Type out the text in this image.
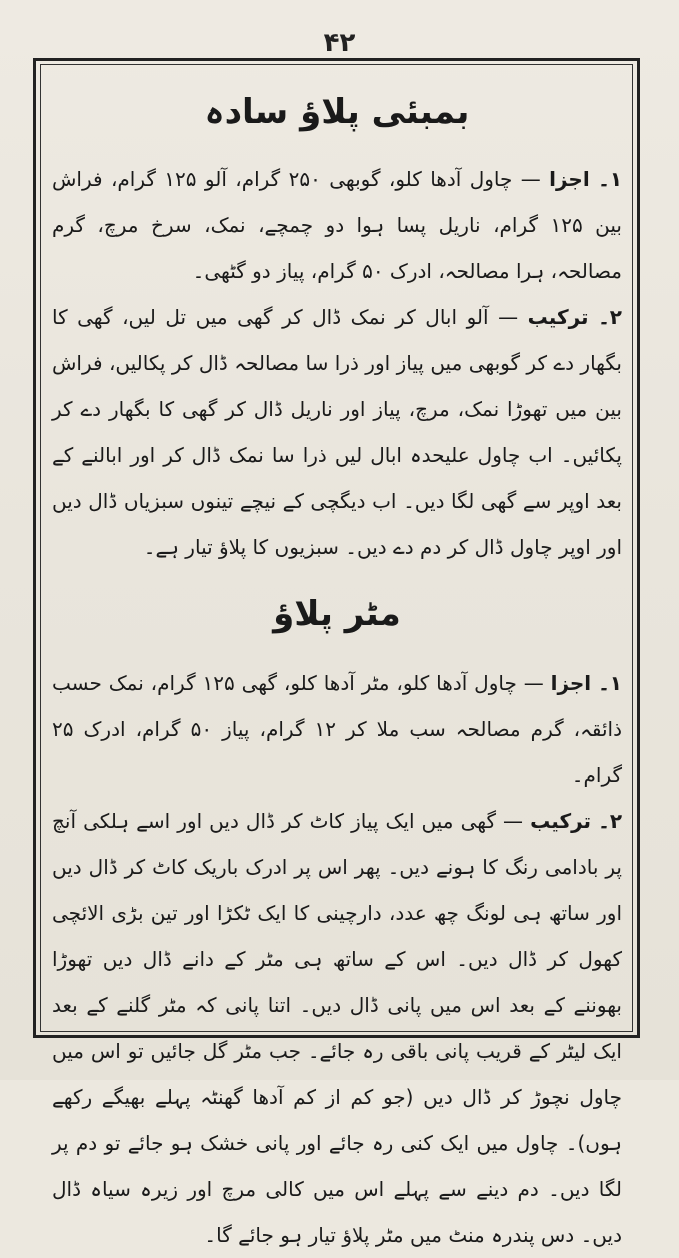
۴۲
بمبئی پلاؤ سادہ

۱۔ اجزا — چاول آدھا کلو، گوبھی ۲۵۰ گرام، آلو ۱۲۵ گرام، فراش بین ۱۲۵ گرام، ناریل پسا ہوا دو چمچے، نمک، سرخ مرچ، گرم مصالحہ، ہرا مصالحہ، ادرک ۵۰ گرام، پیاز دو گٹھی۔

۲۔ ترکیب — آلو ابال کر نمک ڈال کر گھی میں تل لیں، گھی کا بگھار دے کر گوبھی میں پیاز اور ذرا سا مصالحہ ڈال کر پکالیں، فراش بین میں تھوڑا نمک، مرچ، پیاز اور ناریل ڈال کر گھی کا بگھار دے کر پکائیں۔ اب چاول علیحدہ ابال لیں ذرا سا نمک ڈال کر اور ابالنے کے بعد اوپر سے گھی لگا دیں۔ اب دیگچی کے نیچے تینوں سبزیاں ڈال دیں اور اوپر چاول ڈال کر دم دے دیں۔ سبزیوں کا پلاؤ تیار ہے۔

مٹر پلاؤ

۱۔ اجزا — چاول آدھا کلو، مٹر آدھا کلو، گھی ۱۲۵ گرام، نمک حسب ذائقہ، گرم مصالحہ سب ملا کر ۱۲ گرام، پیاز ۵۰ گرام، ادرک ۲۵ گرام۔

۲۔ ترکیب — گھی میں ایک پیاز کاٹ کر ڈال دیں اور اسے ہلکی آنچ پر بادامی رنگ کا ہونے دیں۔ پھر اس پر ادرک باریک کاٹ کر ڈال دیں اور ساتھ ہی لونگ چھ عدد، دارچینی کا ایک ٹکڑا اور تین بڑی الائچی کھول کر ڈال دیں۔ اس کے ساتھ ہی مٹر کے دانے ڈال دیں تھوڑا بھوننے کے بعد اس میں پانی ڈال دیں۔ اتنا پانی کہ مٹر گلنے کے بعد ایک لیٹر کے قریب پانی باقی رہ جائے۔ جب مٹر گل جائیں تو اس میں چاول نچوڑ کر ڈال دیں (جو کم از کم آدھا گھنٹہ پہلے بھیگے رکھے ہوں)۔ چاول میں ایک کنی رہ جائے اور پانی خشک ہو جائے تو دم پر لگا دیں۔ دم دینے سے پہلے اس میں کالی مرچ اور زیرہ سیاہ ڈال دیں۔ دس پندرہ منٹ میں مٹر پلاؤ تیار ہو جائے گا۔
